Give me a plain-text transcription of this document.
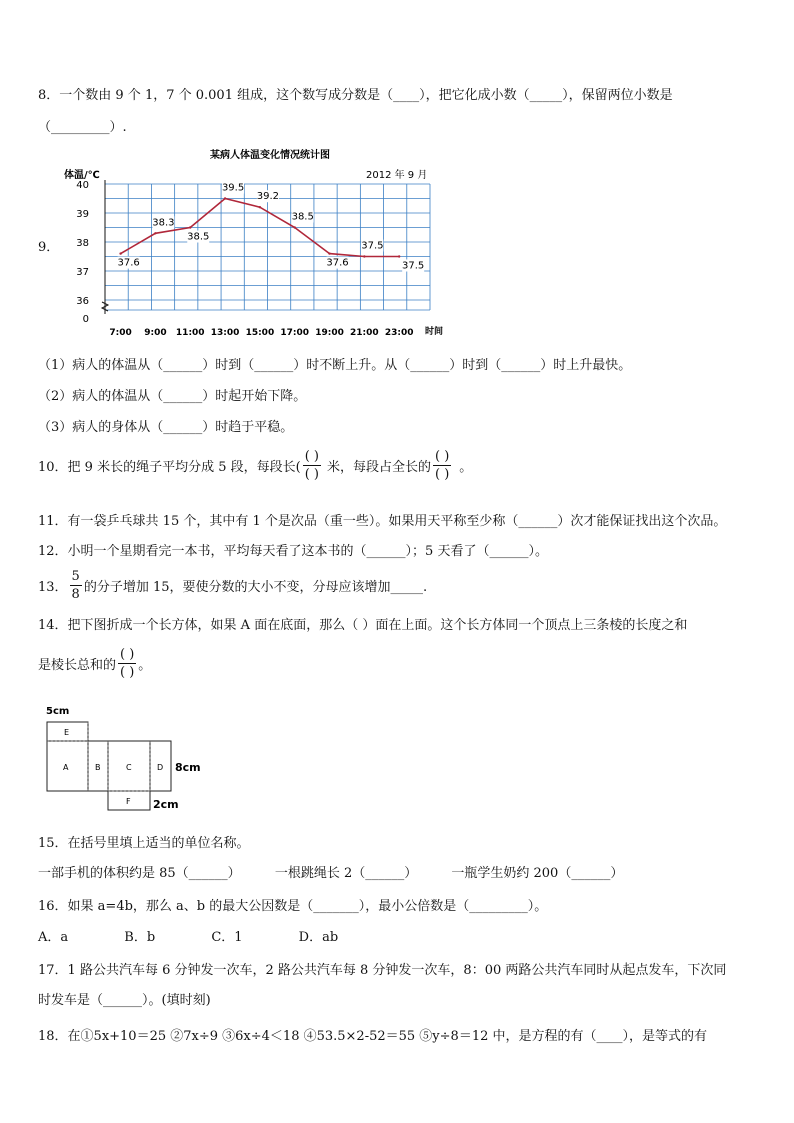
8．一个数由 9 个 1，7 个 0.001 组成，这个数写成分数是（____），把它化成小数（_____），保留两位小数是
（_________）.
9．
某病人体温变化情况统计图
2012 年 9 月
体温/℃
时间
40
39
38
37
36
0
7:00 9:00 11:00 13:00 15:00 17:00 19:00 21:00 23:00
37.6
38.3
38.5
39.5
39.2
38.5
37.6
37.5
37.5
（1）病人的体温从（______）时到（______）时不断上升。从（______）时到（______）时上升最快。
（2）病人的体温从（______）时起开始下降。
（3）病人的身体从（______）时趋于平稳。
10．把 9 米长的绳子平均分成 5 段，每段长( $\frac{( )}{( )}$ 米，每段占全长的 $\frac{( )}{( )}$ 。
11．有一袋乒乓球共 15 个，其中有 1 个是次品（重一些）。如果用天平称至少称（______）次才能保证找出这个次品。
12．小明一个星期看完一本书，平均每天看了这本书的（______）；5 天看了（______）。
13． $\frac{5}{8}$ 的分子增加 15，要使分数的大小不变，分母应该增加_____.
14．把下图折成一个长方体，如果 A 面在底面，那么（ ）面在上面。这个长方体同一个顶点上三条棱的长度之和
是棱长总和的 $\frac{( )}{( )}$ 。
5cm
8cm
2cm
E
A	B	C	D
F
15．在括号里填上适当的单位名称。
一部手机的体积约是 85（______）	一根跳绳长 2（______）	一瓶学生奶约 200（______）
16．如果 a=4b，那么 a、b 的最大公因数是（_______），最小公倍数是（_________）。
A．a	B．b	C．1	D．ab
17．1 路公共汽车每 6 分钟发一次车，2 路公共汽车每 8 分钟发一次车，8：00 两路公共汽车同时从起点发车，下次同
时发车是（______）。(填时刻)
18．在①5x+10＝25 ②7x÷9 ③6x÷4＜18 ④53.5×2-52＝55 ⑤y÷8＝12 中，是方程的有（____），是等式的有
